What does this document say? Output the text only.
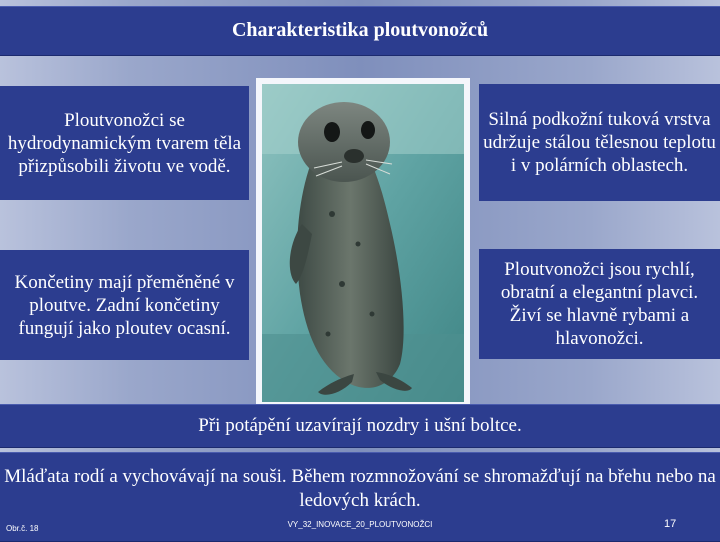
Charakteristika ploutvonožců
Ploutvonožci se hydrodynamickým tvarem těla přizpůsobili životu ve vodě.
Končetiny mají přeměněné v ploutve. Zadní končetiny fungují jako ploutev ocasní.
Silná podkožní tuková vrstva udržuje stálou tělesnou teplotu i v polárních oblastech.
Ploutvonožci jsou rychlí, obratní a elegantní plavci. Živí se hlavně rybami a hlavonožci.
Při potápění uzavírají nozdry i ušní boltce.
Mláďata rodí a vychovávají na souši. Během rozmnožování se shromažďují na břehu nebo na ledových krách.
Obr.č. 18	VY_32_INOVACE_20_PLOUTVONOŽCI	17
